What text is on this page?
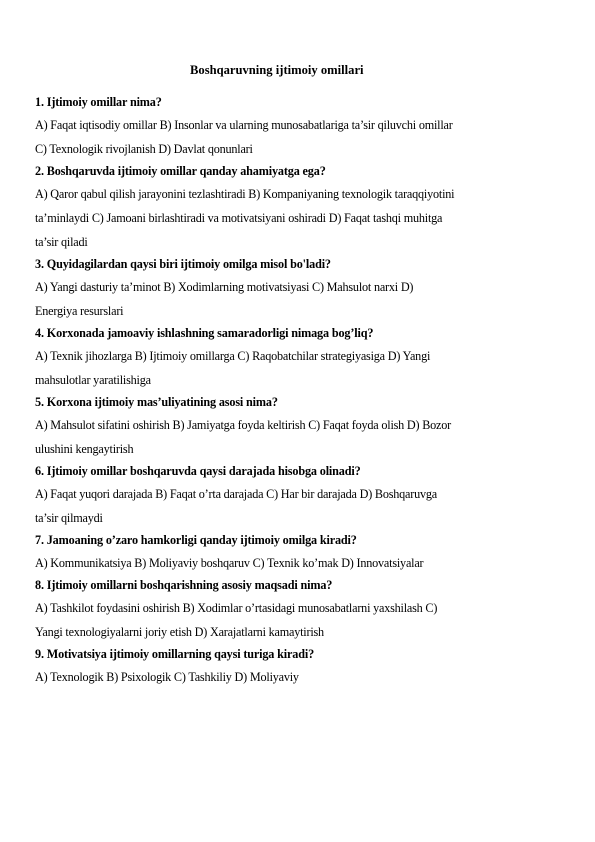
Boshqaruvning ijtimoiy omillari

1. Ijtimoiy omillar nima?

A) Faqat iqtisodiy omillar B) Insonlar va ularning munosabatlariga ta’sir qiluvchi omillar
C) Texnologik rivojlanish D) Davlat qonunlari

2. Boshqaruvda ijtimoiy omillar qanday ahamiyatga ega?

A) Qaror qabul qilish jarayonini tezlashtiradi B) Kompaniyaning texnologik taraqqiyotini
ta’minlaydi C) Jamoani birlashtiradi va motivatsiyani oshiradi D) Faqat tashqi muhitga
ta’sir qiladi

3. Quyidagilardan qaysi biri ijtimoiy omilga misol bo'ladi?

A) Yangi dasturiy ta’minot B) Xodimlarning motivatsiyasi C) Mahsulot narxi D)
Energiya resurslari

4. Korxonada jamoaviy ishlashning samaradorligi nimaga bog’liq?

A) Texnik jihozlarga B) Ijtimoiy omillarga C) Raqobatchilar strategiyasiga D) Yangi
mahsulotlar yaratilishiga

5. Korxona ijtimoiy mas’uliyatining asosi nima?

A) Mahsulot sifatini oshirish B) Jamiyatga foyda keltirish C) Faqat foyda olish D) Bozor
ulushini kengaytirish

6. Ijtimoiy omillar boshqaruvda qaysi darajada hisobga olinadi?

A) Faqat yuqori darajada B) Faqat o’rta darajada C) Har bir darajada D) Boshqaruvga
ta’sir qilmaydi

7. Jamoaning o’zaro hamkorligi qanday ijtimoiy omilga kiradi?

A) Kommunikatsiya B) Moliyaviy boshqaruv C) Texnik ko’mak D) Innovatsiyalar

8. Ijtimoiy omillarni boshqarishning asosiy maqsadi nima?

A) Tashkilot foydasini oshirish B) Xodimlar o’rtasidagi munosabatlarni yaxshilash C)
Yangi texnologiyalarni joriy etish D) Xarajatlarni kamaytirish

9. Motivatsiya ijtimoiy omillarning qaysi turiga kiradi?

A) Texnologik B) Psixologik C) Tashkiliy D) Moliyaviy
